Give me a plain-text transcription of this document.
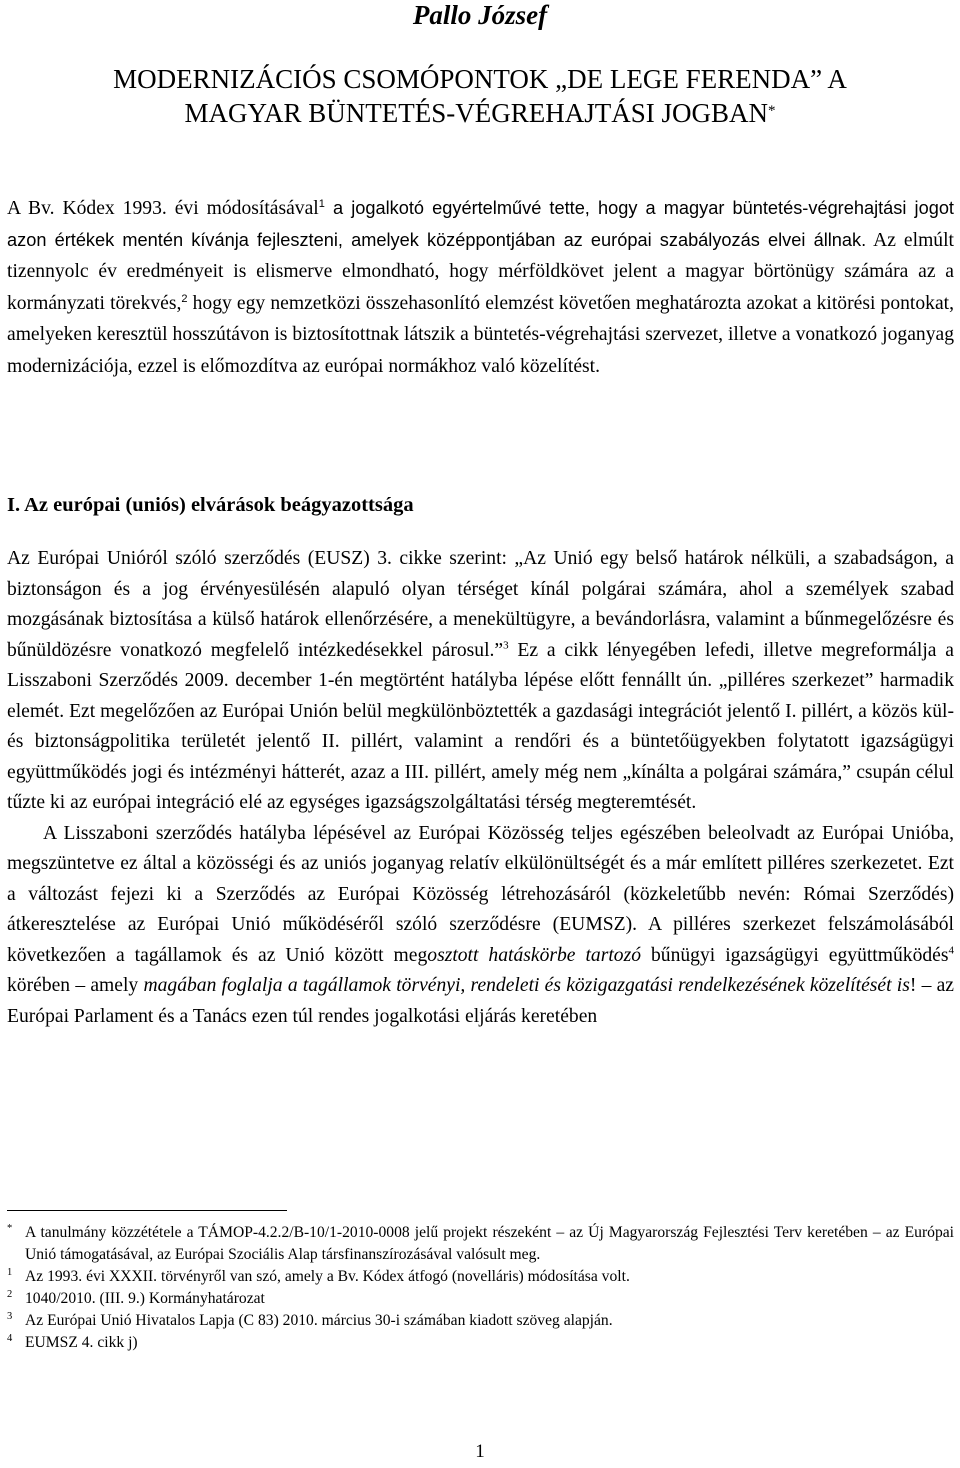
Pallo József
MODERNIZÁCIÓS CSOMÓPONTOK „DE LEGE FERENDA” A
MAGYAR BÜNTETÉS-VÉGREHAJTÁSI JOGBAN*
A Bv. Kódex 1993. évi módosításával$^1$ a jogalkotó egyértelművé tette, hogy a magyar büntetés-végrehajtási jogot azon értékek mentén kívánja fejleszteni, amelyek középpontjában az európai szabályozás elvei állnak. Az elmúlt tizennyolc év eredményeit is elismerve elmondható, hogy mérföldkövet jelent a magyar börtönügy számára az a kormányzati törekvés,$^2$ hogy egy nemzetközi összehasonlító elemzést követően meghatározta azokat a kitörési pontokat, amelyeken keresztül hosszútávon is biztosítottnak látszik a büntetés-végrehajtási szervezet, illetve a vonatkozó joganyag modernizációja, ezzel is előmozdítva az európai normákhoz való közelítést.
I. Az európai (uniós) elvárások beágyazottsága
Az Európai Unióról szóló szerződés (EUSZ) 3. cikke szerint: „Az Unió egy belső határok nélküli, a szabadságon, a biztonságon és a jog érvényesülésén alapuló olyan térséget kínál polgárai számára, ahol a személyek szabad mozgásának biztosítása a külső határok ellenőrzésére, a menekültügyre, a bevándorlásra, valamint a bűnmegelőzésre és bűnüldözésre vonatkozó megfelelő intézkedésekkel párosul.”$^3$ Ez a cikk lényegében lefedi, illetve megreformálja a Lisszaboni Szerződés 2009. december 1-én megtörtént hatályba lépése előtt fennállt ún. „pilléres szerkezet” harmadik elemét. Ezt megelőzően az Európai Unión belül megkülönböztették a gazdasági integrációt jelentő I. pillért, a közös kül- és biztonságpolitika területét jelentő II. pillért, valamint a rendőri és a büntetőügyekben folytatott igazságügyi együttműködés jogi és intézményi hátterét, azaz a III. pillért, amely még nem „kínálta a polgárai számára,” csupán célul tűzte ki az európai integráció elé az egységes igazságszolgáltatási térség megteremtését.
A Lisszaboni szerződés hatályba lépésével az Európai Közösség teljes egészében beleolvadt az Európai Unióba, megszüntetve ez által a közösségi és az uniós joganyag relatív elkülönültségét és a már említett pilléres szerkezetet. Ezt a változást fejezi ki a Szerződés az Európai Közösség létrehozásáról (közkeletűbb nevén: Római Szerződés) átkeresztelése az Európai Unió működéséről szóló szerződésre (EUMSZ). A pilléres szerkezet felszámolásából következően a tagállamok és az Unió között megosztott hatáskörbe tartozó bűnügyi igazságügyi együttműködés$^4$ körében – amely magában foglalja a tagállamok törvényi, rendeleti és közigazgatási rendelkezésének közelítését is! – az Európai Parlament és a Tanács ezen túl rendes jogalkotási eljárás keretében
* A tanulmány közzététele a TÁMOP-4.2.2/B-10/1-2010-0008 jelű projekt részeként – az Új Magyarország Fejlesztési Terv keretében – az Európai Unió támogatásával, az Európai Szociális Alap társfinanszírozásával valósult meg.
1 Az 1993. évi XXXII. törvényről van szó, amely a Bv. Kódex átfogó (novelláris) módosítása volt.
2 1040/2010. (III. 9.) Kormányhatározat
3 Az Európai Unió Hivatalos Lapja (C 83) 2010. március 30-i számában kiadott szöveg alapján.
4 EUMSZ 4. cikk j)
1
